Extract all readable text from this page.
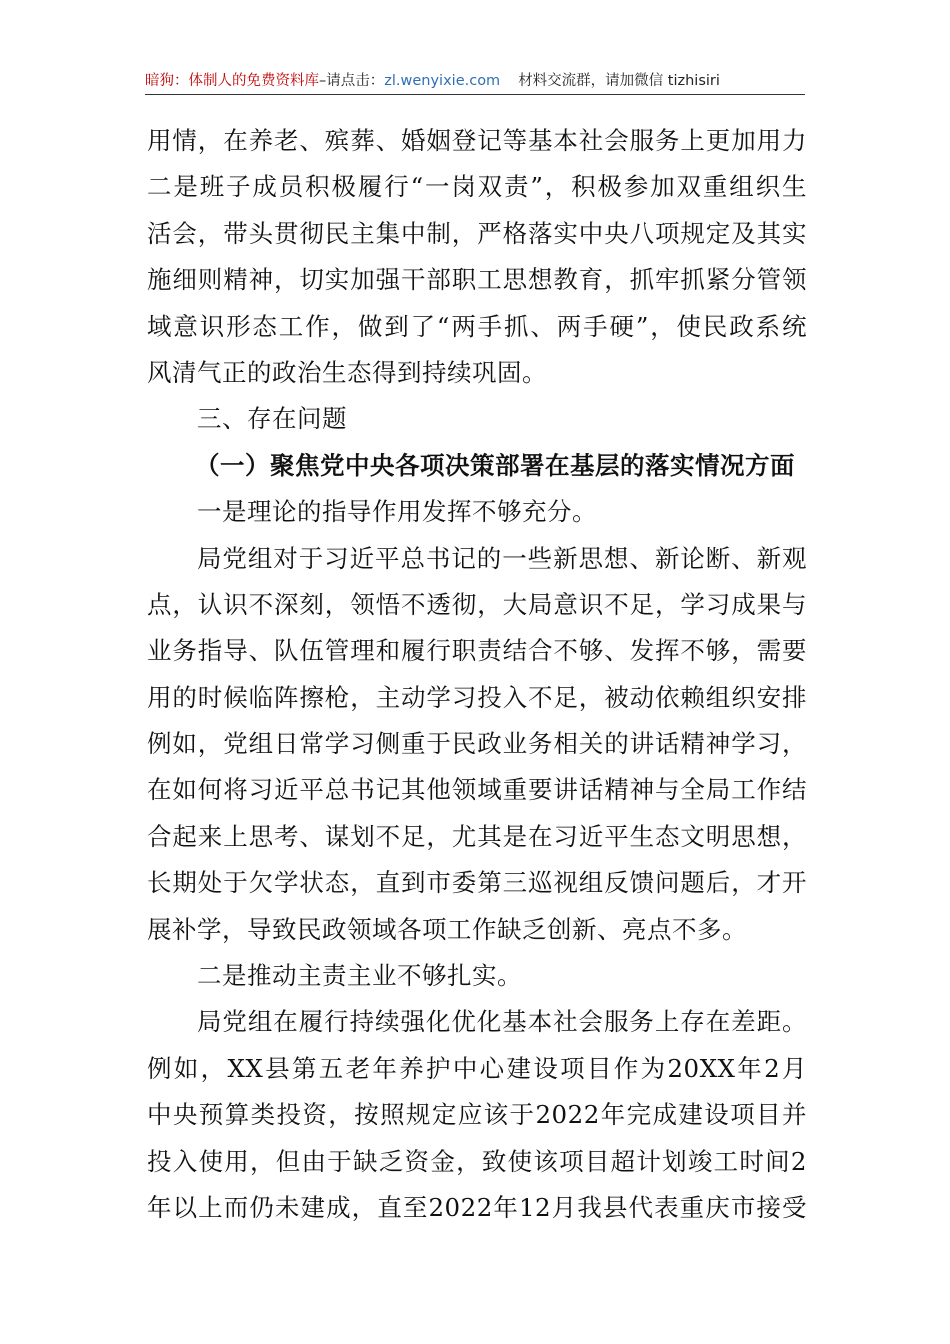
暗狗：体制人的免费资料库–请点击：zl.wenyixie.com 材料交流群，请加微信 tizhisiri
用情，在养老、殡葬、婚姻登记等基本社会服务上更加用力
二是班子成员积极履行“一岗双责”，积极参加双重组织生
活会，带头贯彻民主集中制，严格落实中央八项规定及其实
施细则精神，切实加强干部职工思想教育，抓牢抓紧分管领
域意识形态工作，做到了“两手抓、两手硬”，使民政系统
风清气正的政治生态得到持续巩固。
三、存在问题
（一）聚焦党中央各项决策部署在基层的落实情况方面
一是理论的指导作用发挥不够充分。
局党组对于习近平总书记的一些新思想、新论断、新观
点，认识不深刻，领悟不透彻，大局意识不足，学习成果与
业务指导、队伍管理和履行职责结合不够、发挥不够，需要
用的时候临阵擦枪，主动学习投入不足，被动依赖组织安排
例如，党组日常学习侧重于民政业务相关的讲话精神学习，
在如何将习近平总书记其他领域重要讲话精神与全局工作结
合起来上思考、谋划不足，尤其是在习近平生态文明思想，
长期处于欠学状态，直到市委第三巡视组反馈问题后，才开
展补学，导致民政领域各项工作缺乏创新、亮点不多。
二是推动主责主业不够扎实。
局党组在履行持续强化优化基本社会服务上存在差距。
例如，XX县第五老年养护中心建设项目作为20XX年2月
中央预算类投资，按照规定应该于2022年完成建设项目并
投入使用，但由于缺乏资金，致使该项目超计划竣工时间2
年以上而仍未建成，直至2022年12月我县代表重庆市接受
